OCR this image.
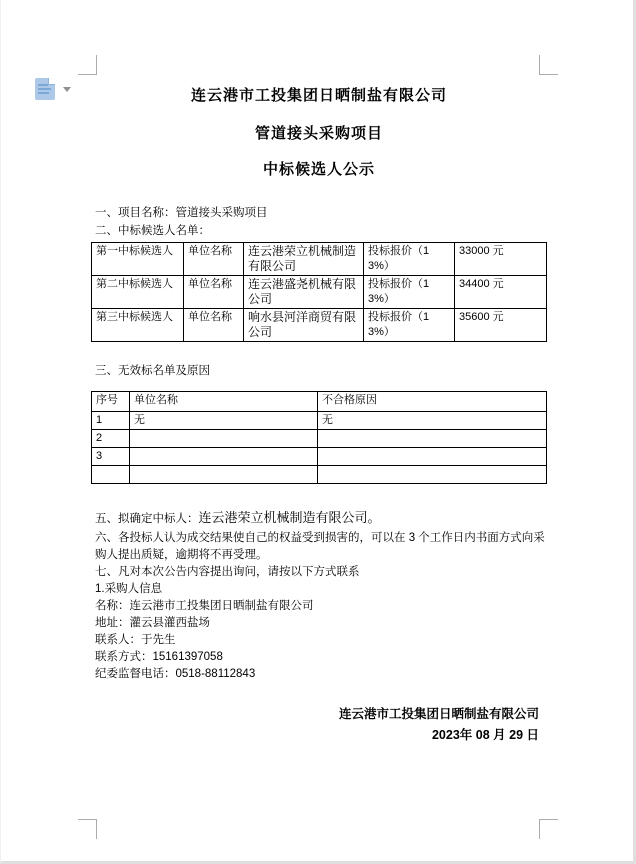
连云港市工投集团日晒制盐有限公司
管道接头采购项目
中标候选人公示
一、项目名称：管道接头采购项目
二、中标候选人名单：
第一中标候选人	单位名称	连云港荣立机械制造有限公司	投标报价（13%）	33000 元
第二中标候选人	单位名称	连云港盛尧机械有限公司	投标报价（13%）	34400 元
第三中标候选人	单位名称	响水县河洋商贸有限公司	投标报价（13%）	35600 元
三、无效标名单及原因
序号	单位名称	不合格原因
1	无	无
2		
3		

五、拟确定中标人：连云港荣立机械制造有限公司。
六、各投标人认为成交结果使自己的权益受到损害的，可以在 3 个工作日内书面方式向采购人提出质疑，逾期将不再受理。
七、凡对本次公告内容提出询问，请按以下方式联系
1.采购人信息
名称：连云港市工投集团日晒制盐有限公司
地址：灌云县灌西盐场
联系人：于先生
联系方式：15161397058
纪委监督电话：0518-88112843
连云港市工投集团日晒制盐有限公司
2023年 08 月 29 日
